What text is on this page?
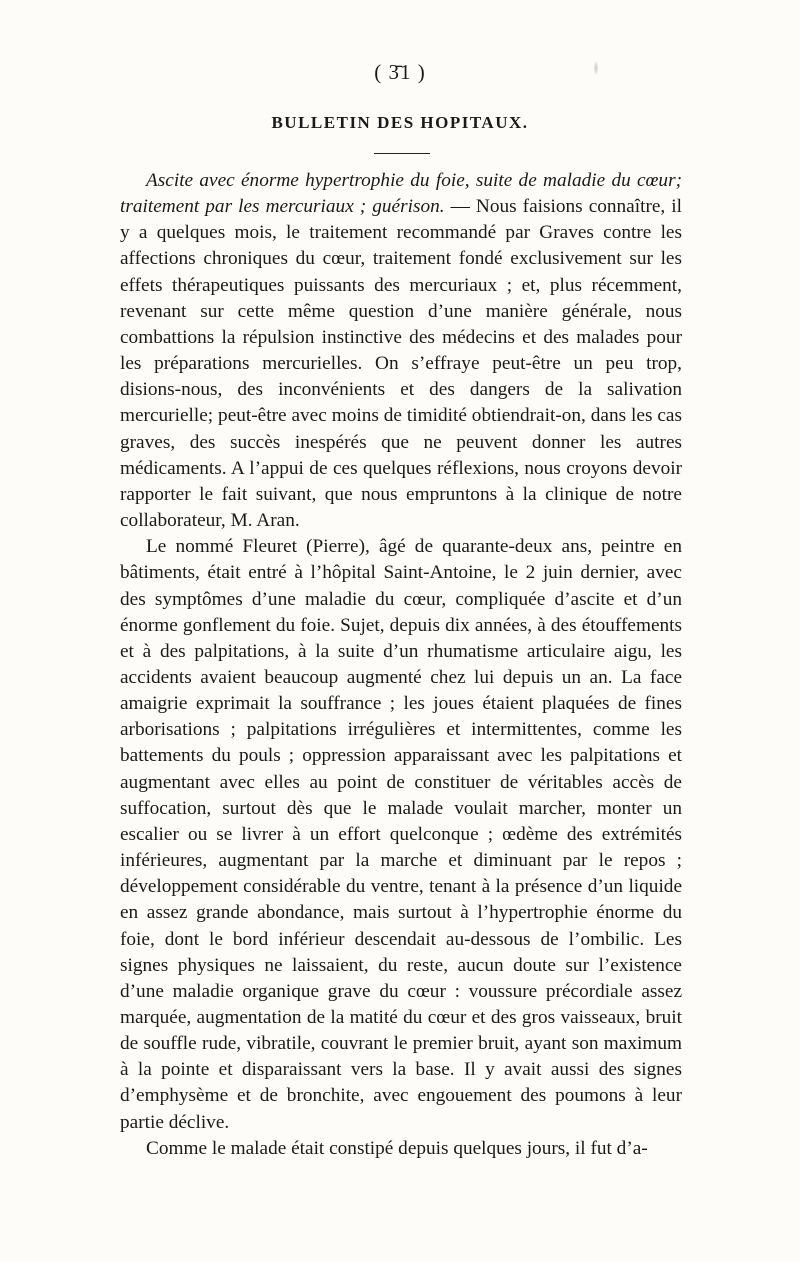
( 3̄̄̄1 )
BULLETIN DES HOPITAUX.

Ascite avec énorme hypertrophie du foie, suite de maladie du cœur; traitement par les mercuriaux ; guérison. — Nous faisions connaître, il y a quelques mois, le traitement recommandé par Graves contre les affections chroniques du cœur, traitement fondé exclusivement sur les effets thérapeutiques puissants des mercuriaux ; et, plus récemment, revenant sur cette même question d’une manière générale, nous combattions la répulsion instinctive des médecins et des malades pour les préparations mercurielles. On s’effraye peut-être un peu trop, disions-nous, des inconvénients et des dangers de la salivation mercurielle; peut-être avec moins de timidité obtiendrait-on, dans les cas graves, des succès inespérés que ne peuvent donner les autres médicaments. A l’appui de ces quelques réflexions, nous croyons devoir rapporter le fait suivant, que nous empruntons à la clinique de notre collaborateur, M. Aran.

Le nommé Fleuret (Pierre), âgé de quarante-deux ans, peintre en bâtiments, était entré à l’hôpital Saint-Antoine, le 2 juin dernier, avec des symptômes d’une maladie du cœur, compliquée d’ascite et d’un énorme gonflement du foie. Sujet, depuis dix années, à des étouffements et à des palpitations, à la suite d’un rhumatisme articulaire aigu, les accidents avaient beaucoup augmenté chez lui depuis un an. La face amaigrie exprimait la souffrance ; les joues étaient plaquées de fines arborisations ; palpitations irrégulières et intermittentes, comme les battements du pouls ; oppression apparaissant avec les palpitations et augmentant avec elles au point de constituer de véritables accès de suffocation, surtout dès que le malade voulait marcher, monter un escalier ou se livrer à un effort quelconque ; œdème des extrémités inférieures, augmentant par la marche et diminuant par le repos ; développement considérable du ventre, tenant à la présence d’un liquide en assez grande abondance, mais surtout à l’hypertrophie énorme du foie, dont le bord inférieur descendait au-dessous de l’ombilic. Les signes physiques ne laissaient, du reste, aucun doute sur l’existence d’une maladie organique grave du cœur : voussure précordiale assez marquée, augmentation de la matité du cœur et des gros vaisseaux, bruit de souffle rude, vibratile, couvrant le premier bruit, ayant son maximum à la pointe et disparaissant vers la base. Il y avait aussi des signes d’emphysème et de bronchite, avec engouement des poumons à leur partie déclive.

Comme le malade était constipé depuis quelques jours, il fut d’a-
